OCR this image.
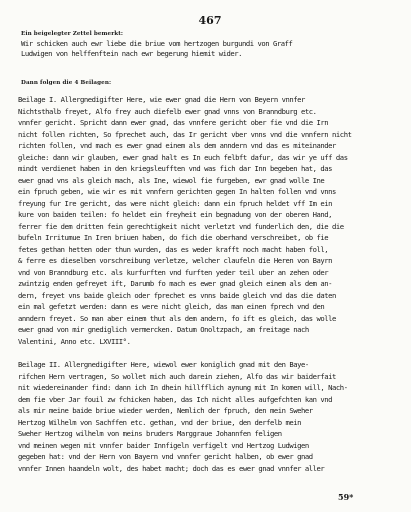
467
Ein beigelegter Zettel bemerkt:
Wir schicken auch ewr liebe die briue vom hertzogen burgundi von Graff
Ludwigen von helffenftein nach ewr begerung hiemit wider.
Dann folgen die 4 Beilagen:
Beilage I. Allergnedigifter Here, wie ewer gnad die Hern von Beyern vnnfer
Nichtsthalb freyet, Alfo frey auch diefelb ewer gnad vnns von Branndburg etc.
vnnfer gericht. Spricht dann ewer gnad, das vnnfere gericht ober fie vnd die Irn
nicht follen richten, So fprechet auch, das Ir gericht vber vnns vnd die vnnfern nicht
richten follen, vnd mach es ewer gnad einem als dem anndern vnd das es miteinander
gleiche: dann wir glauben, ewer gnad halt es In euch felbft dafur, das wir ye uff das
mindt verdienet haben in den kriegsleufften vnd was fich dar Inn begeben hat, das
ewer gnad vns als gleich mach, als Ine, wiewol fie furgeben, ewr gnad wolle Ine
ein fpruch geben, wie wir es mit vnnfern gerichten gegen In halten follen vnd vnns
freyung fur Ire gericht, das were nicht gleich: dann ein fpruch heldet vff Im ein
kure von baiden teilen: fo heldet ein freyheit ein begnadung von der oberen Hand,
ferrer fie dem dritten fein gerechtigkeit nicht verletzt vnd funderlich den, die die
bufeln Irritumue In Iren briuen haben, do fich die oberhand verschreibet, ob fie
fetes gethan hetten oder thun wurden, das es weder krafft noch macht haben foll,
& ferre es dieselben vorschreibung verletze, welcher claufeln die Heren von Bayrn
vnd von Branndburg etc. als kurfurften vnd furften yeder teil uber an zehen oder
zwintzig enden gefreyet ift, Darumb fo mach es ewer gnad gleich einem als dem an-
dern, freyet vns baide gleich oder fprechet es vnns baide gleich vnd das die daten
ein mal gefetzt werden: dann es were nicht gleich, das man einen fprech vnd den
anndern freyet. So man aber einem thut als dem andern, fo ift es gleich, das wolle
ewer gnad von mir gnediglich vermercken. Datum Onoltzpach, am freitage nach
Valentini, Anno etc. LXVIII°.
Beilage II. Allergnedigifter Here, wiewol ewer koniglich gnad mit den Baye-
rifchen Hern vertragen, So wollet mich auch darein ziehen, Alfo das wir baiderfait
nit wiedereinander find: dann ich In dhein hillfflich aynung mit In komen will, Nach-
dem fie vber Jar fouil zw fchicken haben, das Ich nicht alles aufgefchten kan vnd
als mir meine baide briue wieder werden, Nemlich der fpruch, den mein Sweher
Hertzog Wilhelm von Sachffen etc. gethan, vnd der briue, den derfelb mein
Sweher Hertzog wilhelm von meins bruders Marggraue Johannfen feligen
vnd meinen wegen mit vnnfer baider Innfigeln verfigelt vnd Hertzog Ludwigen
gegeben hat: vnd der Hern von Bayern vnd vnnfer gericht halben, ob ewer gnad
vnnfer Innen haandeln wolt, des habet macht; doch das es ewer gnad vnnfer aller
59*
